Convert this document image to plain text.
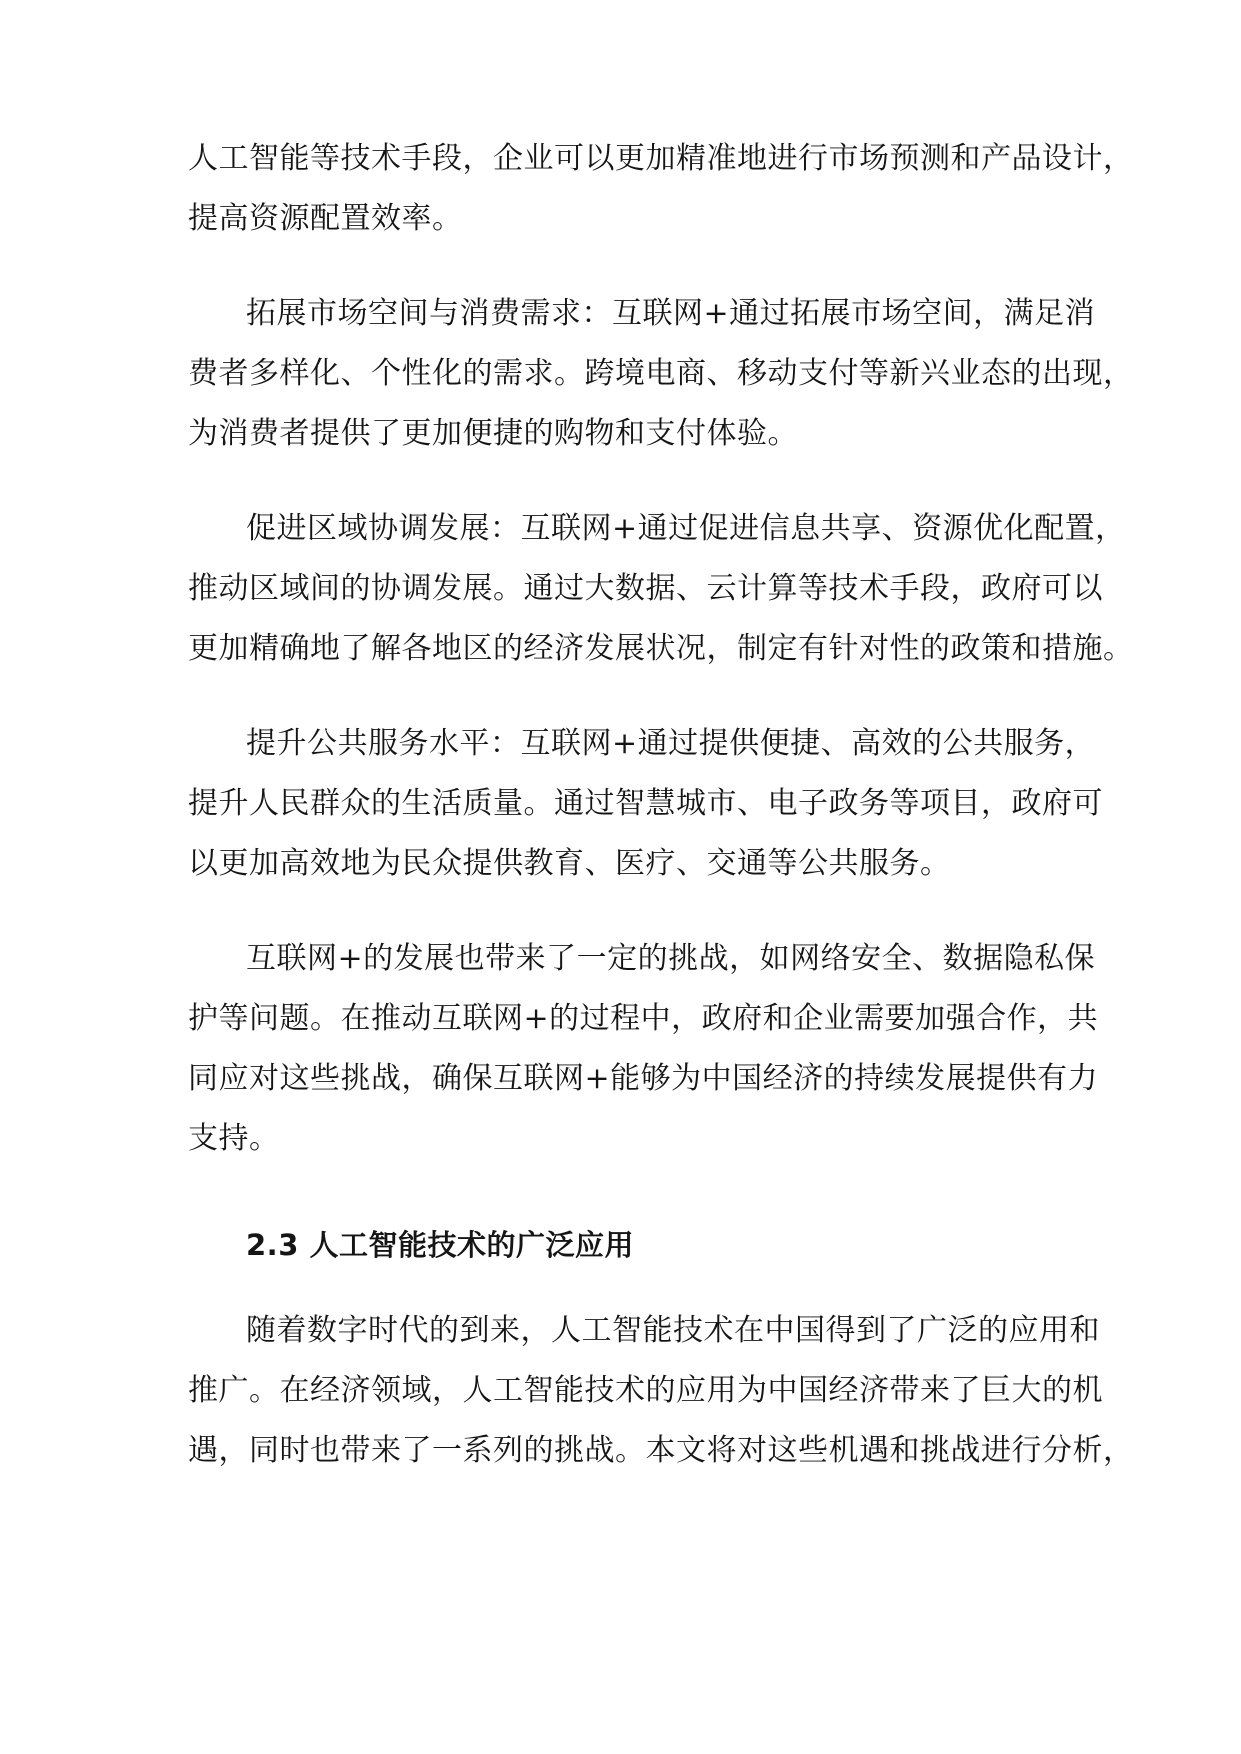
人工智能等技术手段，企业可以更加精准地进行市场预测和产品设计，
提高资源配置效率。
拓展市场空间与消费需求：互联网+通过拓展市场空间，满足消
费者多样化、个性化的需求。跨境电商、移动支付等新兴业态的出现，
为消费者提供了更加便捷的购物和支付体验。
促进区域协调发展：互联网+通过促进信息共享、资源优化配置，
推动区域间的协调发展。通过大数据、云计算等技术手段，政府可以
更加精确地了解各地区的经济发展状况，制定有针对性的政策和措施。
提升公共服务水平：互联网+通过提供便捷、高效的公共服务，
提升人民群众的生活质量。通过智慧城市、电子政务等项目，政府可
以更加高效地为民众提供教育、医疗、交通等公共服务。
互联网+的发展也带来了一定的挑战，如网络安全、数据隐私保
护等问题。在推动互联网+的过程中，政府和企业需要加强合作，共
同应对这些挑战，确保互联网+能够为中国经济的持续发展提供有力
支持。
2.3 人工智能技术的广泛应用
随着数字时代的到来，人工智能技术在中国得到了广泛的应用和
推广。在经济领域，人工智能技术的应用为中国经济带来了巨大的机
遇，同时也带来了一系列的挑战。本文将对这些机遇和挑战进行分析，
